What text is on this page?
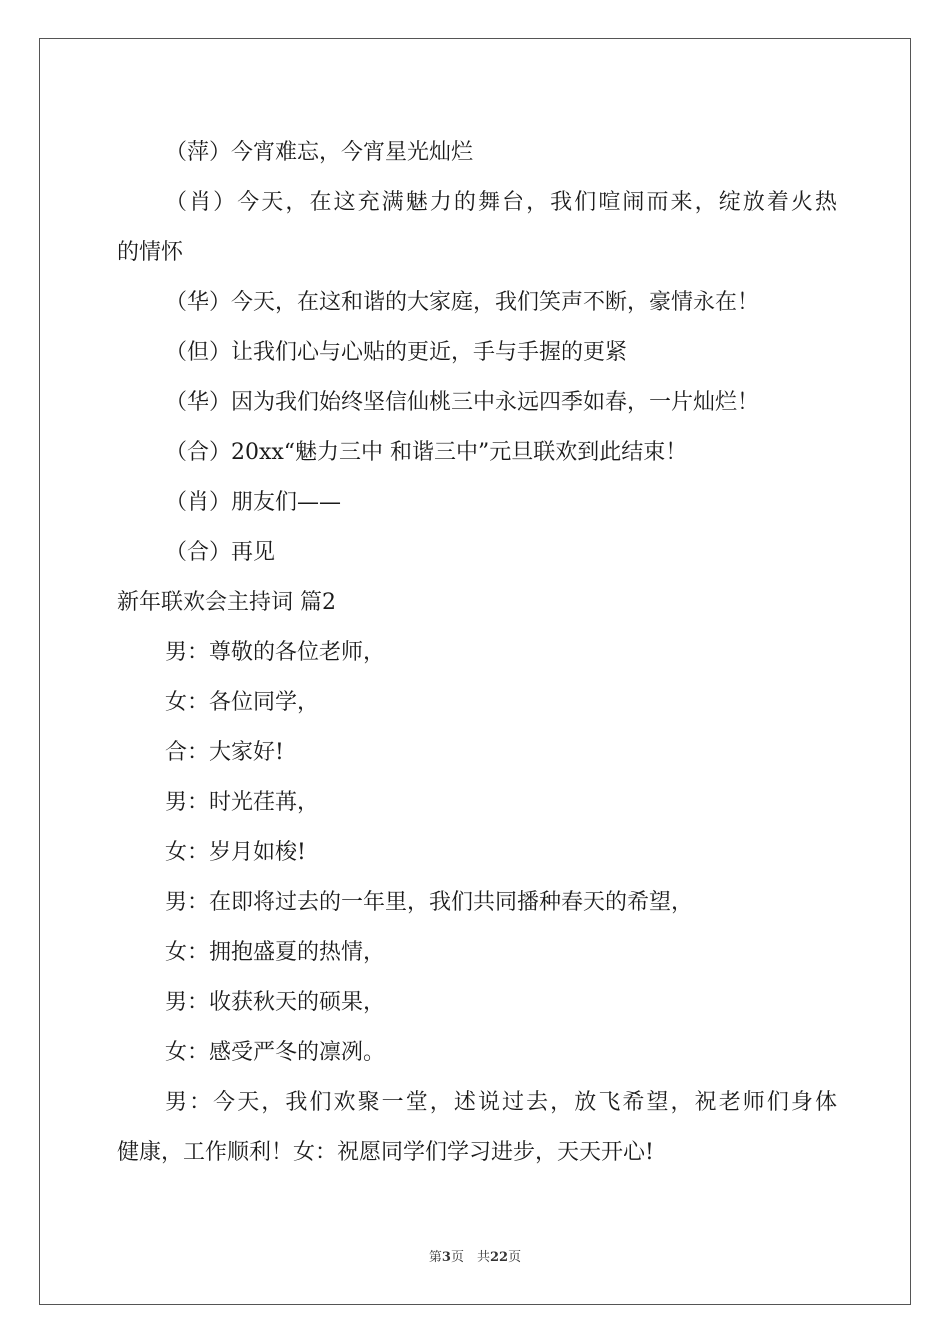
（萍）今宵难忘，今宵星光灿烂

（肖）今天，在这充满魅力的舞台，我们喧闹而来，绽放着火热

的情怀

（华）今天，在这和谐的大家庭，我们笑声不断，豪情永在！

（但）让我们心与心贴的更近，手与手握的更紧

（华）因为我们始终坚信仙桃三中永远四季如春，一片灿烂！

（合）20xx“魅力三中 和谐三中”元旦联欢到此结束！

（肖）朋友们——

（合）再见

新年联欢会主持词 篇2

男：尊敬的各位老师，

女：各位同学，

合：大家好!

男：时光荏苒，

女：岁月如梭!

男：在即将过去的一年里，我们共同播种春天的希望，

女：拥抱盛夏的热情，

男：收获秋天的硕果，

女：感受严冬的凛冽。

男：今天，我们欢聚一堂，述说过去，放飞希望，祝老师们身体

健康，工作顺利！女：祝愿同学们学习进步，天天开心!

第3页　共22页
